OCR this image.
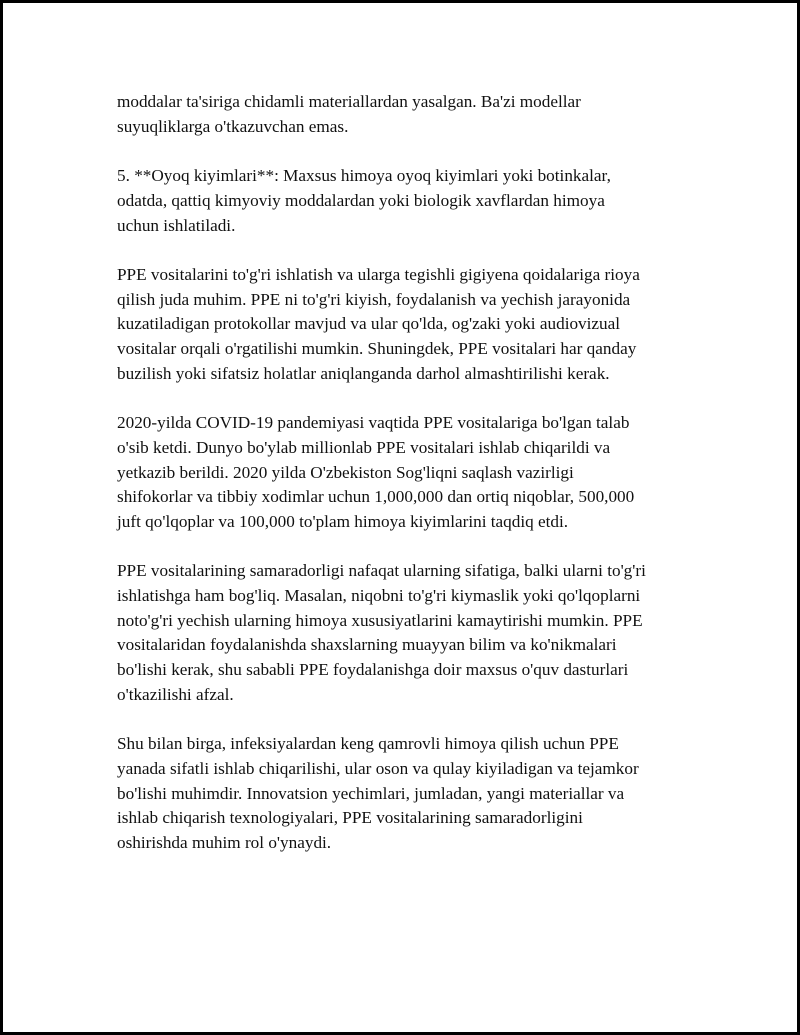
moddalar ta'siriga chidamli materiallardan yasalgan. Ba'zi modellar
suyuqliklarga o'tkazuvchan emas.

5. **Oyoq kiyimlari**: Maxsus himoya oyoq kiyimlari yoki botinkalar,
odatda, qattiq kimyoviy moddalardan yoki biologik xavflardan himoya
uchun ishlatiladi.

PPE vositalarini to'g'ri ishlatish va ularga tegishli gigiyena qoidalariga rioya
qilish juda muhim. PPE ni to'g'ri kiyish, foydalanish va yechish jarayonida
kuzatiladigan protokollar mavjud va ular qo'lda, og'zaki yoki audiovizual
vositalar orqali o'rgatilishi mumkin. Shuningdek, PPE vositalari har qanday
buzilish yoki sifatsiz holatlar aniqlanganda darhol almashtirilishi kerak.

2020-yilda COVID-19 pandemiyasi vaqtida PPE vositalariga bo'lgan talab
o'sib ketdi. Dunyo bo'ylab millionlab PPE vositalari ishlab chiqarildi va
yetkazib berildi. 2020 yilda O'zbekiston Sog'liqni saqlash vazirligi
shifokorlar va tibbiy xodimlar uchun 1,000,000 dan ortiq niqoblar, 500,000
juft qo'lqoplar va 100,000 to'plam himoya kiyimlarini taqdiq etdi.

PPE vositalarining samaradorligi nafaqat ularning sifatiga, balki ularni to'g'ri
ishlatishga ham bog'liq. Masalan, niqobni to'g'ri kiymaslik yoki qo'lqoplarni
noto'g'ri yechish ularning himoya xususiyatlarini kamaytirishi mumkin. PPE
vositalaridan foydalanishda shaxslarning muayyan bilim va ko'nikmalari
bo'lishi kerak, shu sababli PPE foydalanishga doir maxsus o'quv dasturlari
o'tkazilishi afzal.

Shu bilan birga, infeksiyalardan keng qamrovli himoya qilish uchun PPE
yanada sifatli ishlab chiqarilishi, ular oson va qulay kiyiladigan va tejamkor
bo'lishi muhimdir. Innovatsion yechimlari, jumladan, yangi materiallar va
ishlab chiqarish texnologiyalari, PPE vositalarining samaradorligini
oshirishda muhim rol o'ynaydi.
